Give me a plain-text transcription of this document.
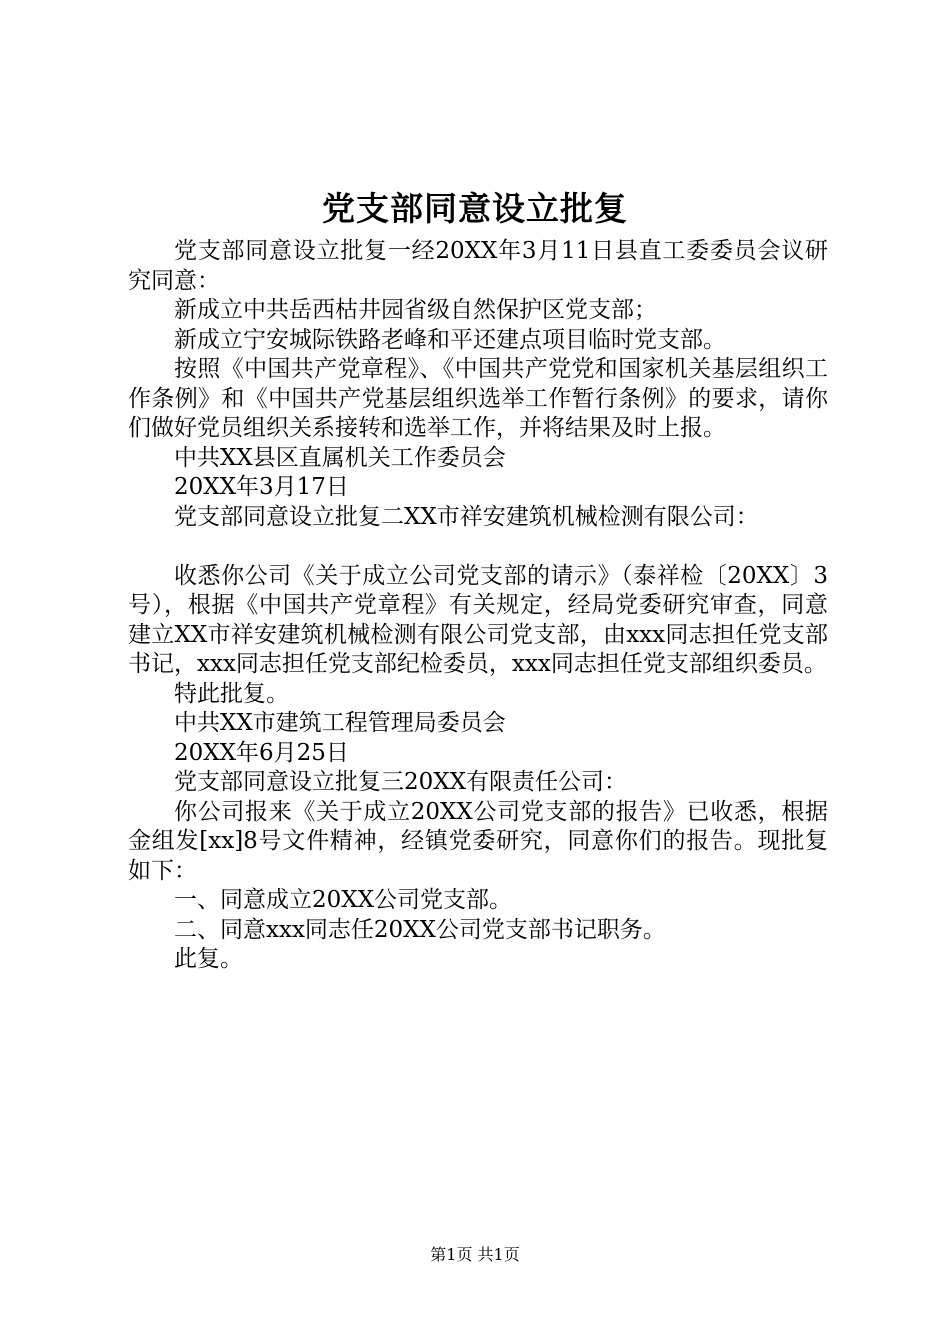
党支部同意设立批复

党支部同意设立批复一经20XX年3月11日县直工委委员会议研究同意：

新成立中共岳西枯井园省级自然保护区党支部；

新成立宁安城际铁路老峰和平还建点项目临时党支部。

按照《中国共产党章程》、《中国共产党党和国家机关基层组织工作条例》和《中国共产党基层组织选举工作暂行条例》的要求，请你们做好党员组织关系接转和选举工作，并将结果及时上报。

中共XX县区直属机关工作委员会

20XX年3月17日

党支部同意设立批复二XX市祥安建筑机械检测有限公司：

收悉你公司《关于成立公司党支部的请示》（泰祥检〔20XX〕3号），根据《中国共产党章程》有关规定，经局党委研究审查，同意建立XX市祥安建筑机械检测有限公司党支部，由xxx同志担任党支部书记，xxx同志担任党支部纪检委员，xxx同志担任党支部组织委员。

特此批复。

中共XX市建筑工程管理局委员会

20XX年6月25日

党支部同意设立批复三20XX有限责任公司：

你公司报来《关于成立20XX公司党支部的报告》已收悉，根据金组发[xx]8号文件精神，经镇党委研究，同意你们的报告。现批复如下：

一、同意成立20XX公司党支部。

二、同意xxx同志任20XX公司党支部书记职务。

此复。

第1页 共1页
